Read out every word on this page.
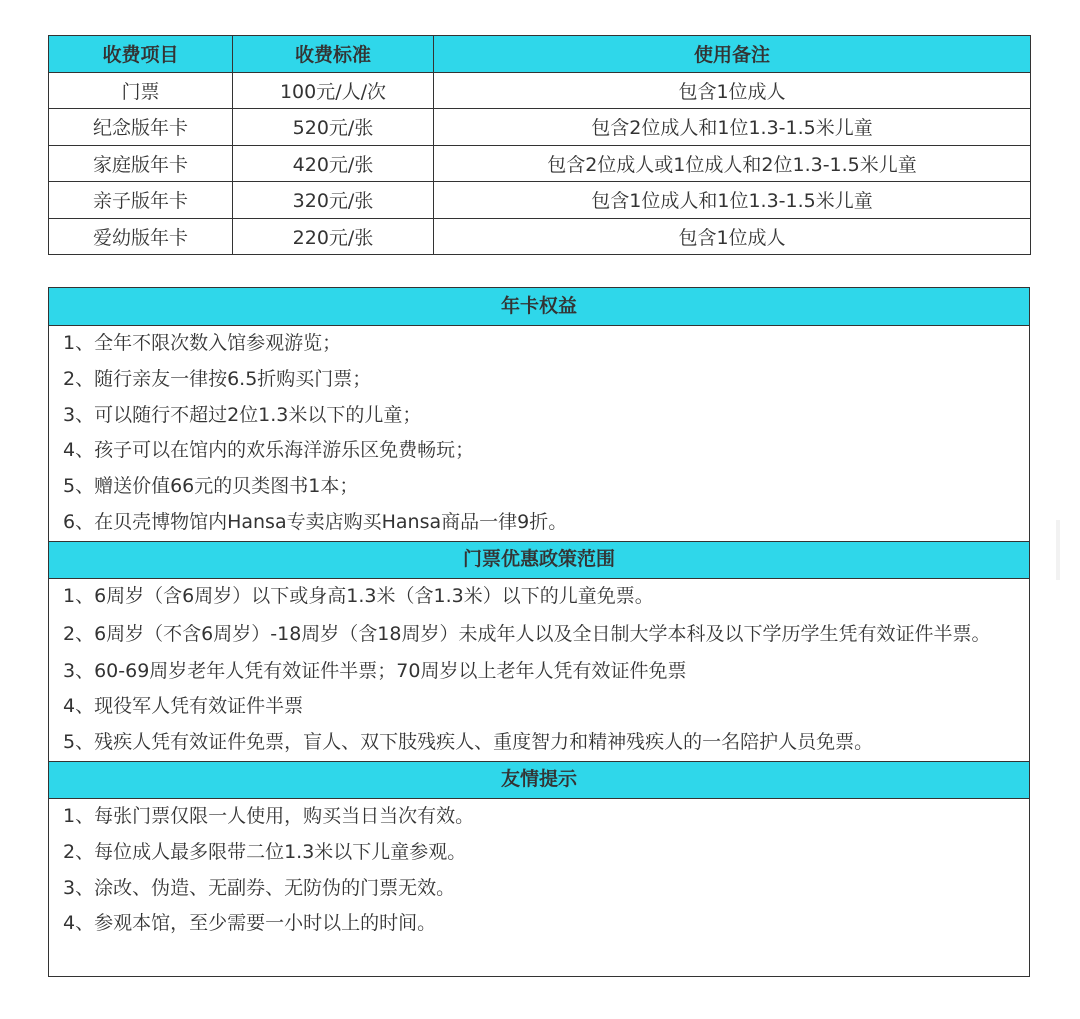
收费项目	收费标准	使用备注
门票	100元/人/次	包含1位成人
纪念版年卡	520元/张	包含2位成人和1位1.3-1.5米儿童
家庭版年卡	420元/张	包含2位成人或1位成人和2位1.3-1.5米儿童
亲子版年卡	320元/张	包含1位成人和1位1.3-1.5米儿童
爱幼版年卡	220元/张	包含1位成人
年卡权益
1、全年不限次数入馆参观游览；
2、随行亲友一律按6.5折购买门票；
3、可以随行不超过2位1.3米以下的儿童；
4、孩子可以在馆内的欢乐海洋游乐区免费畅玩；
5、赠送价值66元的贝类图书1本；
6、在贝壳博物馆内Hansa专卖店购买Hansa商品一律9折。
门票优惠政策范围
1、6周岁（含6周岁）以下或身高1.3米（含1.3米）以下的儿童免票。
2、6周岁（不含6周岁）-18周岁（含18周岁）未成年人以及全日制大学本科及以下学历学生凭有效证件半票。
3、60-69周岁老年人凭有效证件半票；70周岁以上老年人凭有效证件免票
4、现役军人凭有效证件半票
5、残疾人凭有效证件免票，盲人、双下肢残疾人、重度智力和精神残疾人的一名陪护人员免票。
友情提示
1、每张门票仅限一人使用，购买当日当次有效。
2、每位成人最多限带二位1.3米以下儿童参观。
3、涂改、伪造、无副券、无防伪的门票无效。
4、参观本馆，至少需要一小时以上的时间。
